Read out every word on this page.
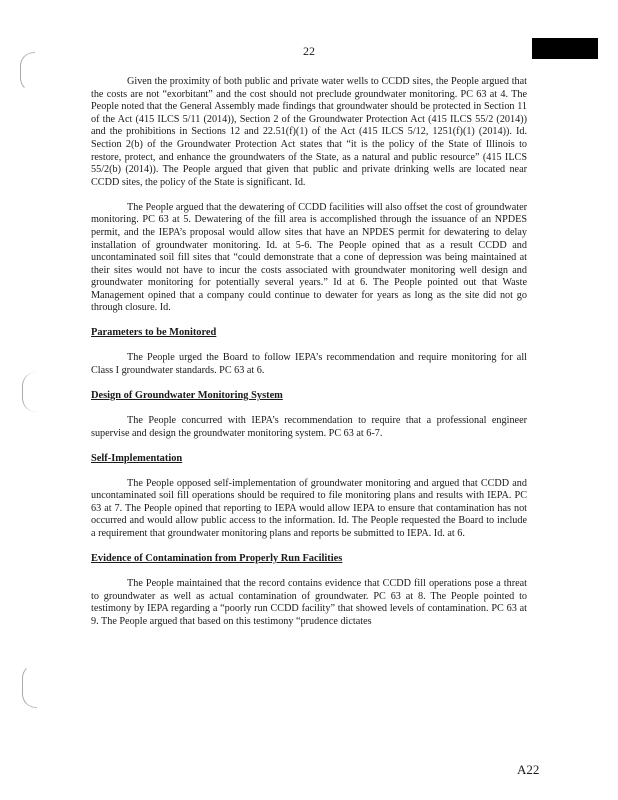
22

Given the proximity of both public and private water wells to CCDD sites, the People argued that the costs are not “exorbitant” and the cost should not preclude groundwater monitoring. PC 63 at 4. The People noted that the General Assembly made findings that groundwater should be protected in Section 11 of the Act (415 ILCS 5/11 (2014)), Section 2 of the Groundwater Protection Act (415 ILCS 55/2 (2014)) and the prohibitions in Sections 12 and 22.51(f)(1) of the Act (415 ILCS 5/12, 1251(f)(1) (2014)). Id. Section 2(b) of the Groundwater Protection Act states that “it is the policy of the State of Illinois to restore, protect, and enhance the groundwaters of the State, as a natural and public resource” (415 ILCS 55/2(b) (2014)). The People argued that given that public and private drinking wells are located near CCDD sites, the policy of the State is significant. Id.

The People argued that the dewatering of CCDD facilities will also offset the cost of groundwater monitoring. PC 63 at 5. Dewatering of the fill area is accomplished through the issuance of an NPDES permit, and the IEPA’s proposal would allow sites that have an NPDES permit for dewatering to delay installation of groundwater monitoring. Id. at 5-6. The People opined that as a result CCDD and uncontaminated soil fill sites that “could demonstrate that a cone of depression was being maintained at their sites would not have to incur the costs associated with groundwater monitoring well design and groundwater monitoring for potentially several years.” Id at 6. The People pointed out that Waste Management opined that a company could continue to dewater for years as long as the site did not go through closure. Id.

Parameters to be Monitored

The People urged the Board to follow IEPA’s recommendation and require monitoring for all Class I groundwater standards. PC 63 at 6.

Design of Groundwater Monitoring System

The People concurred with IEPA’s recommendation to require that a professional engineer supervise and design the groundwater monitoring system. PC 63 at 6-7.

Self-Implementation

The People opposed self-implementation of groundwater monitoring and argued that CCDD and uncontaminated soil fill operations should be required to file monitoring plans and results with IEPA. PC 63 at 7. The People opined that reporting to IEPA would allow IEPA to ensure that contamination has not occurred and would allow public access to the information. Id. The People requested the Board to include a requirement that groundwater monitoring plans and reports be submitted to IEPA. Id. at 6.

Evidence of Contamination from Properly Run Facilities

The People maintained that the record contains evidence that CCDD fill operations pose a threat to groundwater as well as actual contamination of groundwater. PC 63 at 8. The People pointed to testimony by IEPA regarding a “poorly run CCDD facility” that showed levels of contamination. PC 63 at 9. The People argued that based on this testimony “prudence dictates

A22
